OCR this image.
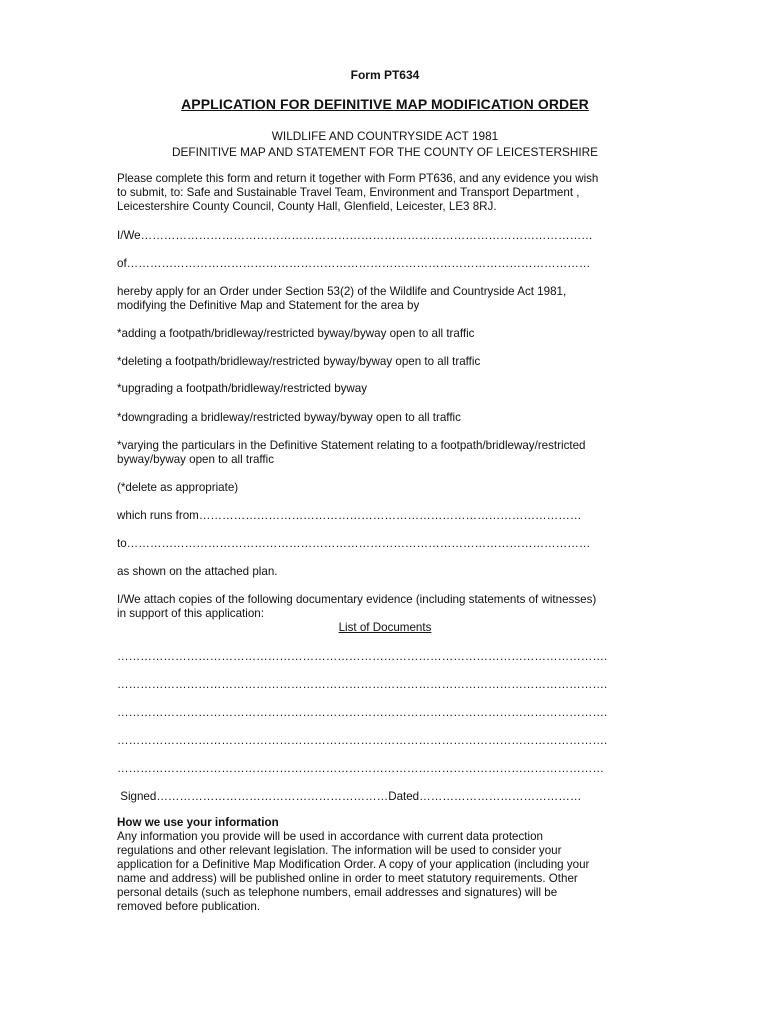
Form PT634
APPLICATION FOR DEFINITIVE MAP MODIFICATION ORDER
WILDLIFE AND COUNTRYSIDE ACT 1981
DEFINITIVE MAP AND STATEMENT FOR THE COUNTY OF LEICESTERSHIRE
Please complete this form and return it together with Form PT636, and any evidence you wish
to submit, to: Safe and Sustainable Travel Team, Environment and Transport Department ,
Leicestershire County Council, County Hall, Glenfield, Leicester, LE3 8RJ.
I/We………………………………………………………………………………………………………
of…………………………………………………………………………………………………………
hereby apply for an Order under Section 53(2) of the Wildlife and Countryside Act 1981,
modifying the Definitive Map and Statement for the area by
*adding a footpath/bridleway/restricted byway/byway open to all traffic
*deleting a footpath/bridleway/restricted byway/byway open to all traffic
*upgrading a footpath/bridleway/restricted byway
*downgrading a bridleway/restricted byway/byway open to all traffic
*varying the particulars in the Definitive Statement relating to a footpath/bridleway/restricted
byway/byway open to all traffic
(*delete as appropriate)
which runs from………………………………………………………………………………………
to…………………………………………………………………………………………………………
as shown on the attached plan.
I/We attach copies of the following documentary evidence (including statements of witnesses)
in support of this application:
List of Documents
……………………………………………………………………………………………………………….
……………………………………………………………………………………………………………….
……………………………………………………………………………………………………………….
……………………………………………………………………………………………………………….
………………………………………………………………………………………………………………
Signed……………………………………………………Dated……………………………………
How we use your information
Any information you provide will be used in accordance with current data protection
regulations and other relevant legislation. The information will be used to consider your
application for a Definitive Map Modification Order. A copy of your application (including your
name and address) will be published online in order to meet statutory requirements. Other
personal details (such as telephone numbers, email addresses and signatures) will be
removed before publication.
